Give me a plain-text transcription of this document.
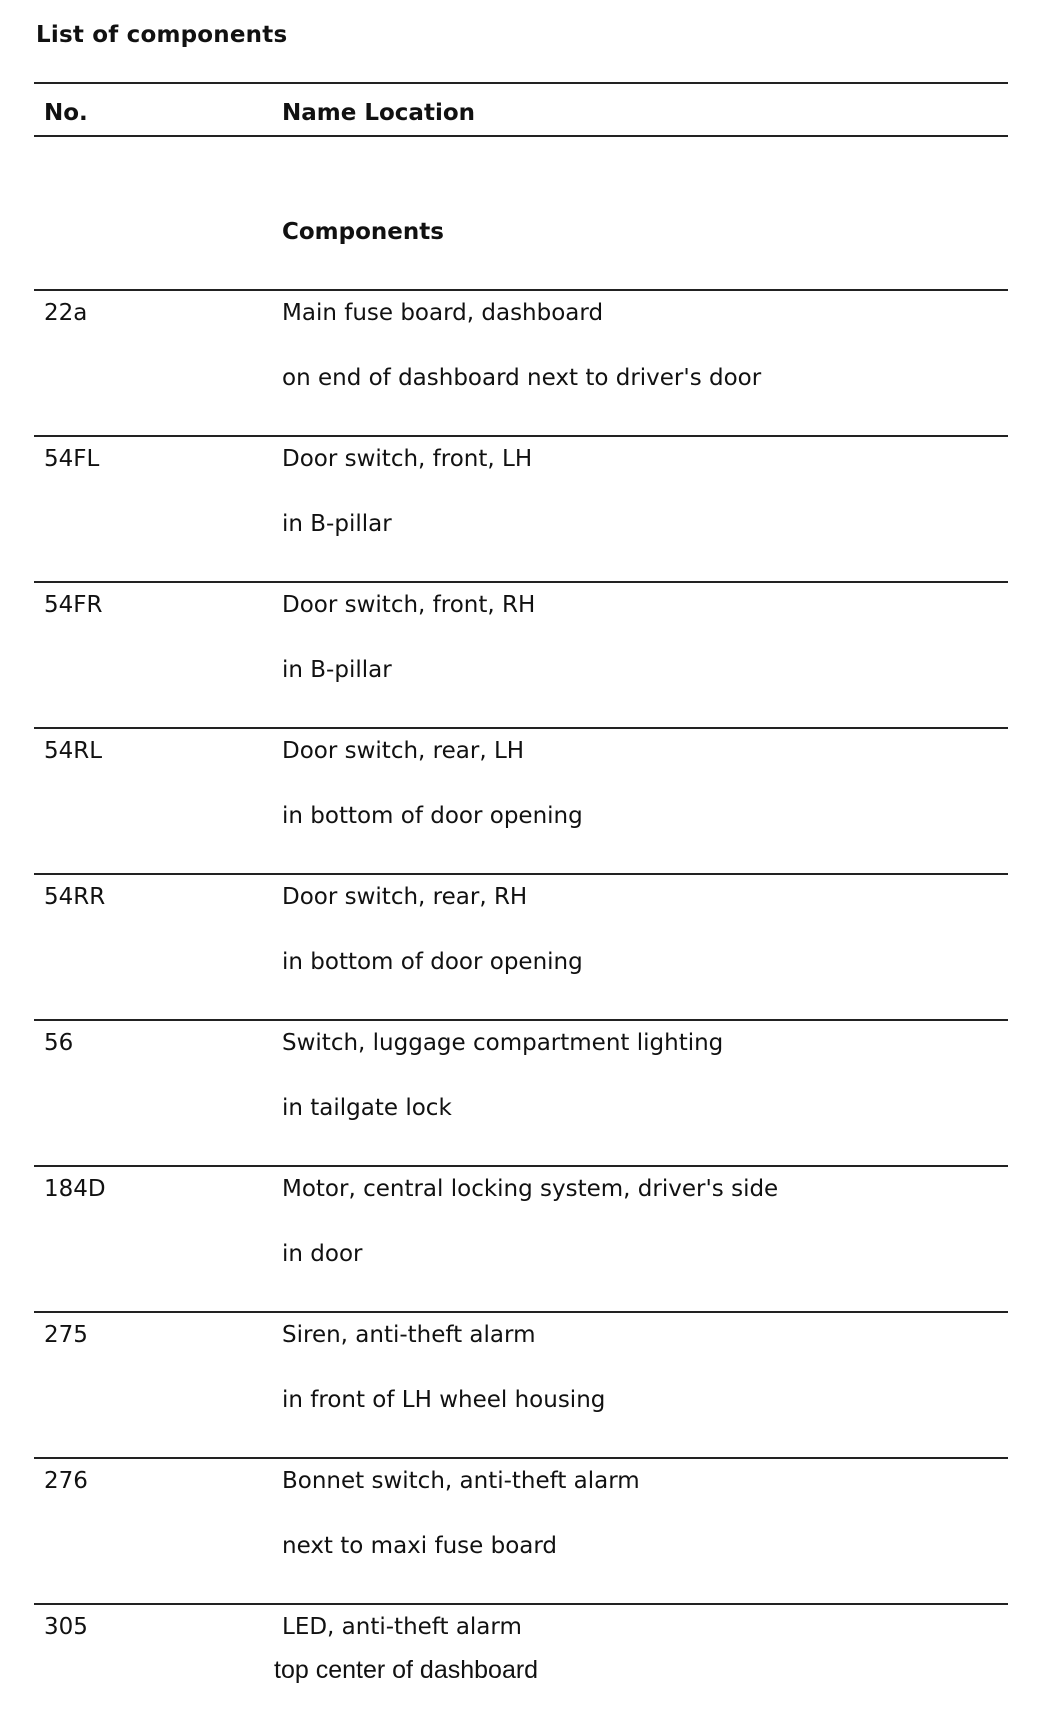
List of components
No.	Name Location
Components
22a	Main fuse board, dashboard
on end of dashboard next to driver's door
54FL	Door switch, front, LH
in B-pillar
54FR	Door switch, front, RH
in B-pillar
54RL	Door switch, rear, LH
in bottom of door opening
54RR	Door switch, rear, RH
in bottom of door opening
56	Switch, luggage compartment lighting
in tailgate lock
184D	Motor, central locking system, driver's side
in door
275	Siren, anti-theft alarm
in front of LH wheel housing
276	Bonnet switch, anti-theft alarm
next to maxi fuse board
305	LED, anti-theft alarm
top center of dashboard
